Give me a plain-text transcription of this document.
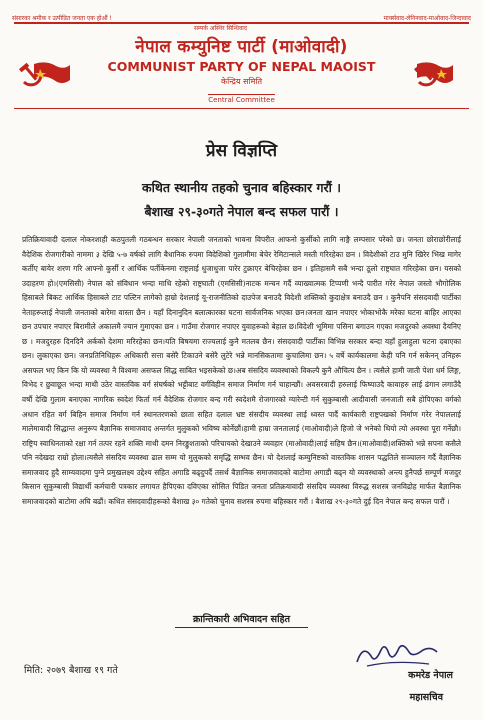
संसारका श्रमीक र उत्पीडित जनता एक होऔं !
सम्पर्क अस्थिर सिन्धिवाद
मार्क्सवाद-लेनिनवाद-माओवाद-जिन्दावाद
नेपाल कम्युनिष्ट पार्टी (माओवादी)
COMMUNIST PARTY OF NEPAL MAOIST
केन्द्रिय समिति
Central Committee
प्रेस विज्ञप्ति
कथित स्थानीय तहको चुनाव बहिस्कार गरौं ।
बैशाख २९-३०गते नेपाल बन्द सफल पारौं ।
प्रतिक्रियावादी दलाल नोकरशाही कठपुतली गठबन्धन सरकार नेपाली जनताको भावना विपरीत आफनो कुर्सीको लागि नाङ्गै लम्पसार परेको छ। जनता छोराछोरीलाई वैदेशिक रोजगारीको नाममा ३ देखि ५-७ वर्षको लागि बैधानिक रुपमा विदेशिको गुलामीमा बेचेर रेमिटान्सले मस्ती गरिरहेका छन । विदेशीको टाउ मुनि खिरेर भिख मागेर कर्तीए बायेर शरण गरि आफ्नो कुर्सी र आर्थिक पर्तीकेनमा राष्ट्रलाई धुजाधुजा पारेर टुक्राएर बेचिरहेका छन । इतिहासमै सबै भन्दा ठूलो राष्ट्रघात गरिरहेका छन। यसको उदाहरण हो।(एमसिसी) नेपाल को संविधान भन्दा माथि रहेको राष्ट्रघाती (एमसिसी)नाटक मन्चन गर्दै व्याख्यात्मक टिप्पणी भन्दै पारीत गरेर नेपाल जस्तो भौगोलिक हिसाबले बिकट आर्थिक हिसाबले टाट पल्टिन लागेको हाम्रो देशलाई यू-राजनीतिको दाउपेज बनाउदै विदेशी शक्तिको कुदाक्षेत्र बनाउदै छन । कुनैपनि संसदवादी पार्टीका नेताहरूलाई नेपाली जनताको बारेमा वास्ता छैन । यहाँ दिनानुदिन बलात्कारका घटना सार्वजनिक भएका छन।जनता खान नपाएर भोकाभोकै मरेका घटना बाहिर आएका छन उपचार नपाएर बिरामीले अकालमै ज्यान गुमाएका छन । गाउँमा रोजगार नपाएर युवाहरूको बेहाल छ।विदेशी भूमिमा पसिना बगाउन गएका मजदुरको अवस्था दैयनिए छ । मजदुरहरु दिनदिनै अर्कको देशमा मरिरहेका छन।यति बिषयमा राज्यलाई कुनै मतलब छैन। संसदवादी पार्टीका विभिन्न सरकार बन्दा यहाँ हुलाहुला घटना दबाएका छन। लुकाएका छन। जनप्रतिनिधिहरू अधिकारी सत्ता बसेरै टिकाउने बसेरै लुटेरे भन्ने मानसिकतामा कुचालिमा छन। ५ वर्षे कार्यकालमा केही पनि गर्न सकेनन् उनिहरू असफल भए किन कि यो व्यवस्था नै विश्वमा असफल सिद्ध साबित भइसकेको छ।अब संसदिय व्यवस्थाको विकल्पै कुनै औचित्य छैन । त्यसैले हामी जाती पेशा धर्म लिङ्ग, विभेद र छुवाछूत भन्दा माथी उठेर वास्तविक वर्ग संघर्षको भट्टीबाट वर्गविहीन समाज निर्माण गर्न चाहान्छौं। अवसरवादी हरुलाई फिष्याउदै कावाहरु लाई ढंगान लगाउँदै वर्षौ देखि गुलाम बनाएका नागरिक स्वदेश फिर्ता गर्न वैदेशिक रोजगार बन्द गरी स्वदेशमै रोजगारको ग्यारेन्टी गर्न सुकुम्बासी आदीवासी जनजाती सबै होपिएका वर्गको अधान रहित वर्ग बिहिन समाज निर्माण गर्न स्थानतरणको छाता सहित दलाल भ्रष्ट संसदीय व्यवस्था लाई ध्वस्त पार्दै कार्यकारी राष्ट्रपखको निर्माण गरेर नेपाललाई मालेमावादी सिद्धान्त अनुरूप बैज्ञानिक समाजवाद अन्तर्गत मुलुकको भविष्य कोर्नेछौं।हामी हाम्रा जनतालाई (माओवादी)ले हिजो जे भनेको थियो त्यो अवस्था पूरा गर्नेछौ। राष्ट्रिय स्वाधिनताको रक्षा गर्न तत्पर रहने शक्ति माथी दमन निरङ्कुशताको परिचायको देखाउने व्यवहार (माओवादी)लाई सहिष छैन।(माओवादी)शक्तिको भन्ने सपना कसैले पनि नदेखदा राम्रो होला।त्यसैले संसदिय व्यवस्था ढाल सम्म यो मुलुकको समृद्धि सम्भव छैन। यो देशलाई कम्युनिष्टको वास्तविक शासन पद्धतिले सञ्चालन गर्दै वैज्ञानिक समाजवाद हुदै साम्यवादमा पुग्ने प्रमुखलक्ष्य उद्देश्य सहित अगाडि बढ्दुपर्दै तसर्थ बैज्ञानिक समाजवादको बाटोमा अगाडी बढ्न यो व्यवस्थाको अन्त्य हुनैपर्छ सम्पूर्ण मजदुर किसान सुकुम्बासी विद्यार्थी कर्मचारी पत्रकार लगायत हैपिएका दविएका सोसित पिडित जनता प्रतिक्रयावादी संसदिय व्यवस्था विरुद्ध सशस्त्र जनविद्रोह मार्फत बैज्ञानिक समाजवादको बाटोमा अघि बढौं। कथित संसदवादीहरूको बैशाख ३० गतेको चुनाव सशस्त्र रुपमा बहिस्कार गरौं । बैशाख २९-३०गते दुई दिन नेपाल बन्द सफल पारौं ।
क्रान्तिकारी अभिवादन सहित
मिति: २०७९ बैशाख १९ गते	कमरेड नेपाल
महासचिव
